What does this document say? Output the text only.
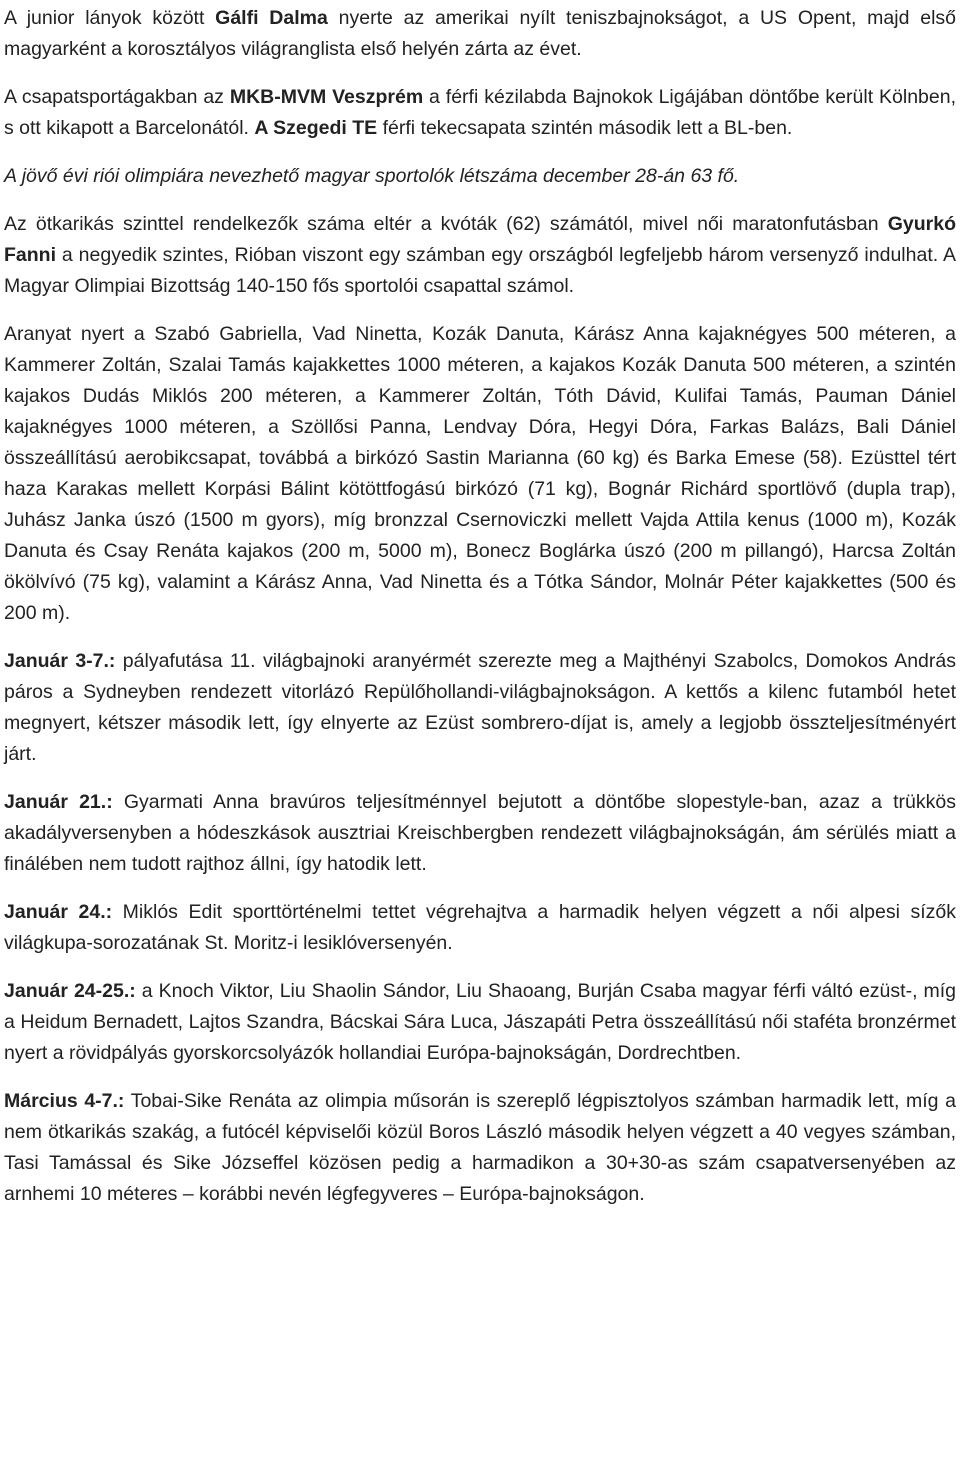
A junior lányok között Gálfi Dalma nyerte az amerikai nyílt teniszbajnokságot, a US Opent, majd első magyarként a korosztályos világranglista első helyén zárta az évet.

A csapatsportágakban az MKB-MVM Veszprém a férfi kézilabda Bajnokok Ligájában döntőbe került Kölnben, s ott kikapott a Barcelonától. A Szegedi TE férfi tekecsapata szintén második lett a BL-ben.

A jövő évi riói olimpiára nevezhető magyar sportolók létszáma december 28-án 63 fő.

Az ötkarikás szinttel rendelkezők száma eltér a kvóták (62) számától, mivel női maratonfutásban Gyurkó Fanni a negyedik szintes, Rióban viszont egy számban egy országból legfeljebb három versenyző indulhat. A Magyar Olimpiai Bizottság 140-150 fős sportolói csapattal számol.

Aranyat nyert a Szabó Gabriella, Vad Ninetta, Kozák Danuta, Kárász Anna kajaknégyes 500 méteren, a Kammerer Zoltán, Szalai Tamás kajakkettes 1000 méteren, a kajakos Kozák Danuta 500 méteren, a szintén kajakos Dudás Miklós 200 méteren, a Kammerer Zoltán, Tóth Dávid, Kulifai Tamás, Pauman Dániel kajaknégyes 1000 méteren, a Szöllősi Panna, Lendvay Dóra, Hegyi Dóra, Farkas Balázs, Bali Dániel összeállítású aerobikcsapat, továbbá a birkózó Sastin Marianna (60 kg) és Barka Emese (58). Ezüsttel tért haza Karakas mellett Korpási Bálint kötöttfogású birkózó (71 kg), Bognár Richárd sportlövő (dupla trap), Juhász Janka úszó (1500 m gyors), míg bronzzal Csernoviczki mellett Vajda Attila kenus (1000 m), Kozák Danuta és Csay Renáta kajakos (200 m, 5000 m), Bonecz Boglárka úszó (200 m pillangó), Harcsa Zoltán ökölvívó (75 kg), valamint a Kárász Anna, Vad Ninetta és a Tótka Sándor, Molnár Péter kajakkettes (500 és 200 m).

Január 3-7.: pályafutása 11. világbajnoki aranyérmét szerezte meg a Majthényi Szabolcs, Domokos András páros a Sydneyben rendezett vitorlázó Repülőhollandi-világbajnokságon. A kettős a kilenc futamból hetet megnyert, kétszer második lett, így elnyerte az Ezüst sombrero-díjat is, amely a legjobb összteljesítményért járt.

Január 21.: Gyarmati Anna bravúros teljesítménnyel bejutott a döntőbe slopestyle-ban, azaz a trükkös akadályversenyben a hódeszkások ausztriai Kreischbergben rendezett világbajnokságán, ám sérülés miatt a finálében nem tudott rajthoz állni, így hatodik lett.

Január 24.: Miklós Edit sporttörténelmi tettet végrehajtva a harmadik helyen végzett a női alpesi sízők világkupa-sorozatának St. Moritz-i lesiklóversenyén.

Január 24-25.: a Knoch Viktor, Liu Shaolin Sándor, Liu Shaoang, Burján Csaba magyar férfi váltó ezüst-, míg a Heidum Bernadett, Lajtos Szandra, Bácskai Sára Luca, Jászapáti Petra összeállítású női staféta bronzérmet nyert a rövidpályás gyorskorcsolyázók hollandiai Európa-bajnokságán, Dordrechtben.

Március 4-7.: Tobai-Sike Renáta az olimpia műsorán is szereplő légpisztolyos számban harmadik lett, míg a nem ötkarikás szakág, a futócél képviselői közül Boros László második helyen végzett a 40 vegyes számban, Tasi Tamással és Sike Józseffel közösen pedig a harmadikon a 30+30-as szám csapatversenyében az arnhemi 10 méteres – korábbi nevén légfegyveres – Európa-bajnokságon.
